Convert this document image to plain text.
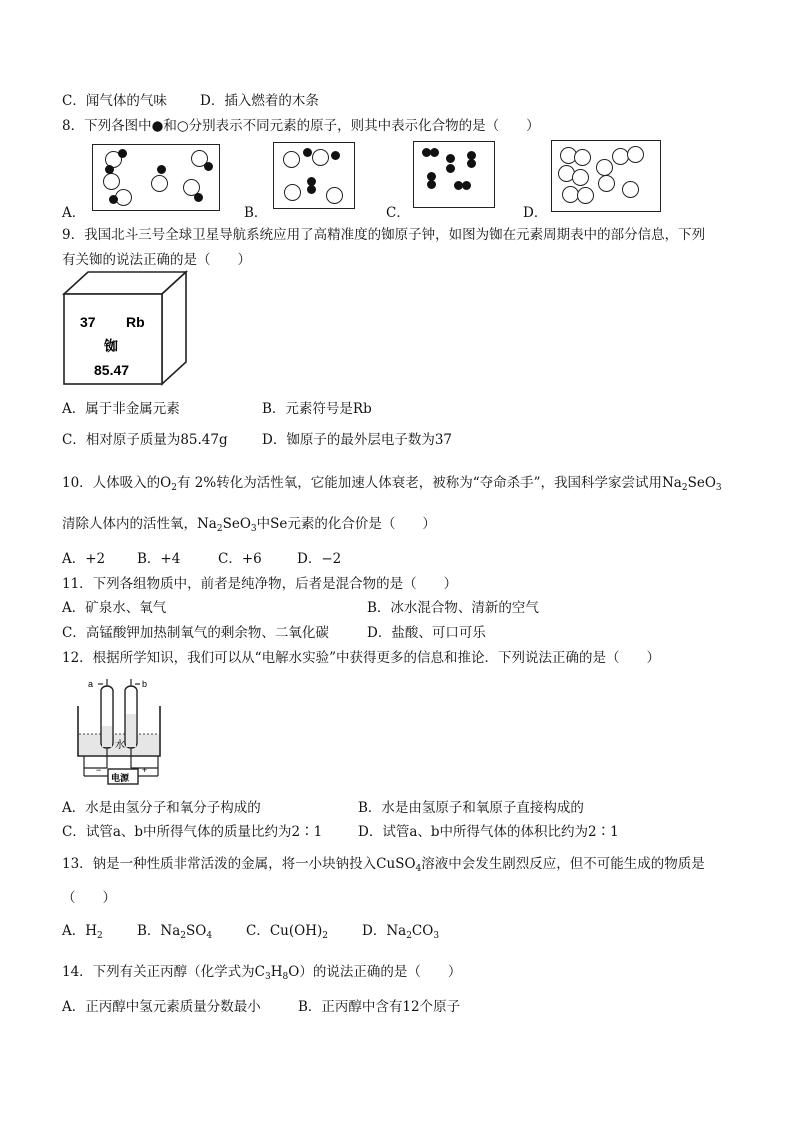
C．闻气体的气味 D．插入燃着的木条
8．下列各图中●和○分别表示不同元素的原子，则其中表示化合物的是（　　）
A．	B．	C．	D．
9．我国北斗三号全球卫星导航系统应用了高精准度的铷原子钟，如图为铷在元素周期表中的部分信息，下列
有关铷的说法正确的是（　　）
37 Rb
铷
85.47
A．属于非金属元素	B．元素符号是Rb
C．相对原子质量为85.47g	D．铷原子的最外层电子数为37
10．人体吸入的$O_2$有 2%转化为活性氧，它能加速人体衰老，被称为“夺命杀手”，我国科学家尝试用$Na_2SeO_3$
清除人体内的活性氧，$Na_2SeO_3$中Se元素的化合价是（　　）
A．+2 B．+4	C．+6	D．−2
11．下列各组物质中，前者是纯净物，后者是混合物的是（　　）
A．矿泉水、氧气	B．冰水混合物、清新的空气
C．高锰酸钾加热制氧气的剩余物、二氧化碳	D．盐酸、可口可乐
12．根据所学知识，我们可以从“电解水实验”中获得更多的信息和推论．下列说法正确的是（　　）
a	b
水
电源
−	+
A．水是由氢分子和氧分子构成的	B．水是由氢原子和氧原子直接构成的
C．试管a、b中所得气体的质量比约为2∶1	D．试管a、b中所得气体的体积比约为2∶1
13．钠是一种性质非常活泼的金属，将一小块钠投入CuSO$_4$溶液中会发生剧烈反应，但不可能生成的物质是
（　　）
A．$H_2$	B．$Na_2SO_4$	C．$Cu(OH)_2$	D．$Na_2CO_3$
14．下列有关正丙醇（化学式为$C_3H_8O$）的说法正确的是（　　）
A．正丙醇中氢元素质量分数最小	B．正丙醇中含有12个原子
